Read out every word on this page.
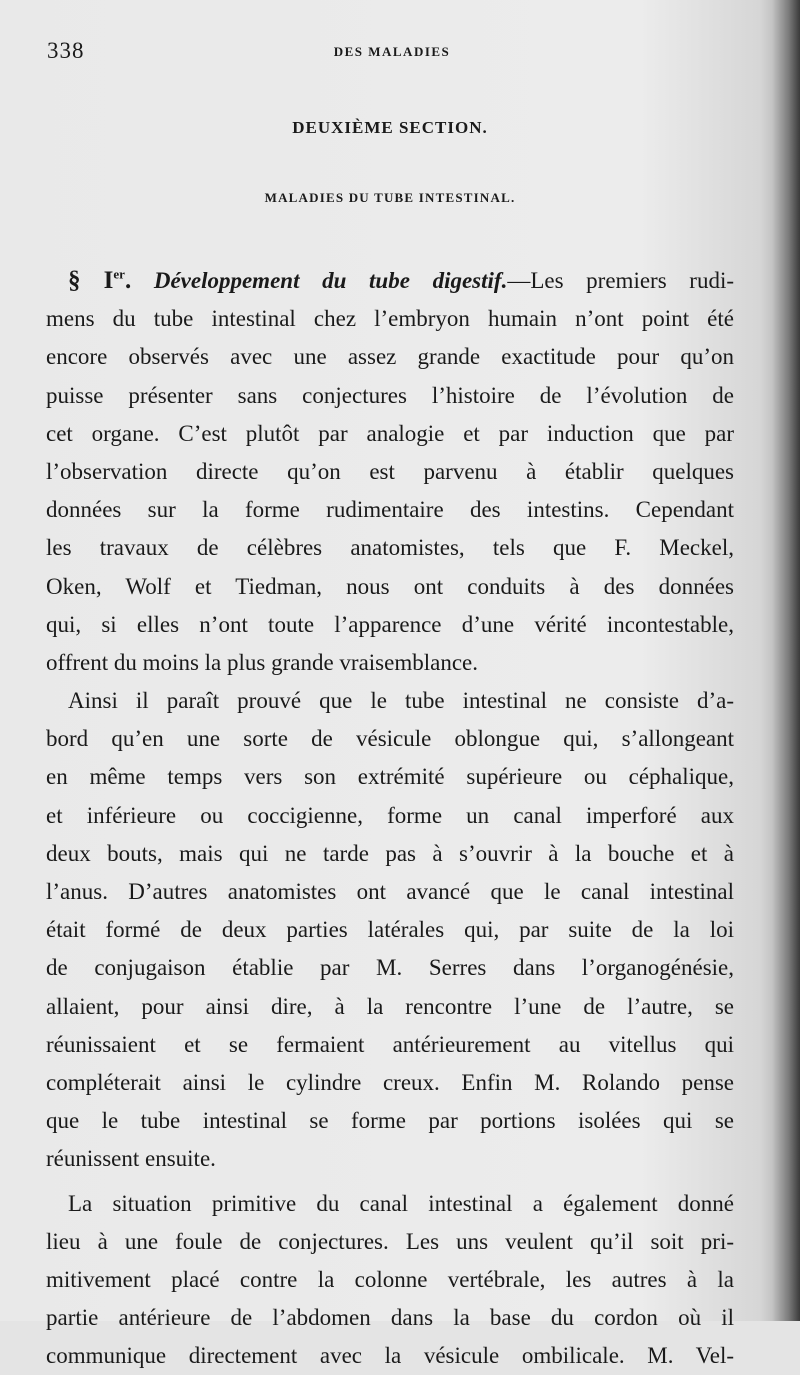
338	DES MALADIES
DEUXIÈME SECTION.
MALADIES DU TUBE INTESTINAL.
§ Ier. Développement du tube digestif.—Les premiers rudi-
mens du tube intestinal chez l’embryon humain n’ont point été
encore observés avec une assez grande exactitude pour qu’on
puisse présenter sans conjectures l’histoire de l’évolution de
cet organe. C’est plutôt par analogie et par induction que par
l’observation directe qu’on est parvenu à établir quelques
données sur la forme rudimentaire des intestins. Cependant
les travaux de célèbres anatomistes, tels que F. Meckel,
Oken, Wolf et Tiedman, nous ont conduits à des données
qui, si elles n’ont toute l’apparence d’une vérité incontestable,
offrent du moins la plus grande vraisemblance.
Ainsi il paraît prouvé que le tube intestinal ne consiste d’a-
bord qu’en une sorte de vésicule oblongue qui, s’allongeant
en même temps vers son extrémité supérieure ou céphalique,
et inférieure ou coccigienne, forme un canal imperforé aux
deux bouts, mais qui ne tarde pas à s’ouvrir à la bouche et à
l’anus. D’autres anatomistes ont avancé que le canal intestinal
était formé de deux parties latérales qui, par suite de la loi
de conjugaison établie par M. Serres dans l’organogénésie,
allaient, pour ainsi dire, à la rencontre l’une de l’autre, se
réunissaient et se fermaient antérieurement au vitellus qui
compléterait ainsi le cylindre creux. Enfin M. Rolando pense
que le tube intestinal se forme par portions isolées qui se
réunissent ensuite.
La situation primitive du canal intestinal a également donné
lieu à une foule de conjectures. Les uns veulent qu’il soit pri-
mitivement placé contre la colonne vertébrale, les autres à la
partie antérieure de l’abdomen dans la base du cordon où il
communique directement avec la vésicule ombilicale. M. Vel-
